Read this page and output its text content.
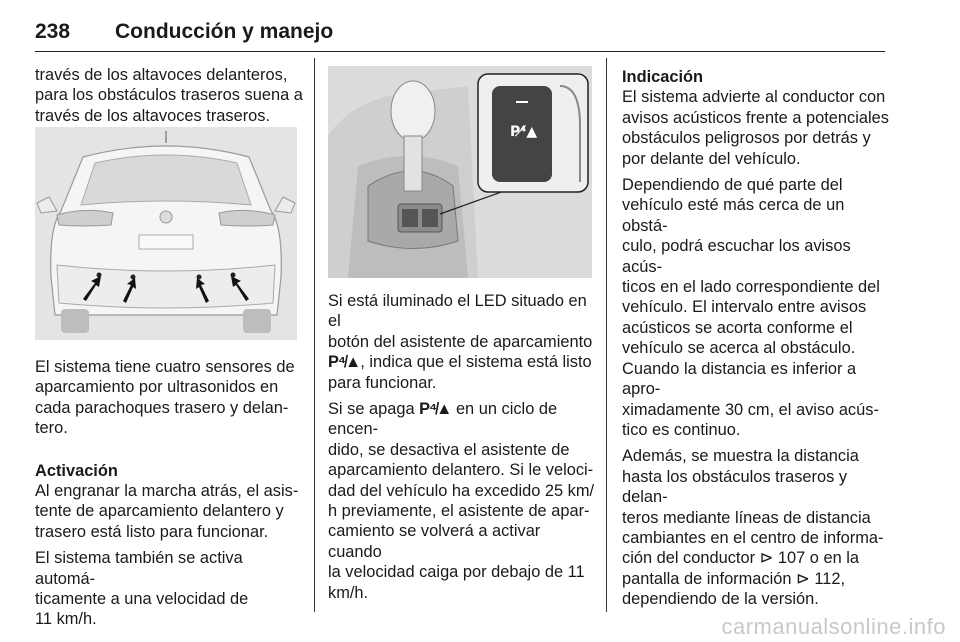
238 Conducción y manejo

través de los altavoces delanteros,

para los obstáculos traseros suena a

través de los altavoces traseros.

El sistema tiene cuatro sensores de

aparcamiento por ultrasonidos en

cada parachoques trasero y delan-

tero.

Activación

Al engranar la marcha atrás, el asis-

tente de aparcamiento delantero y

trasero está listo para funcionar.

El sistema también se activa automá-

ticamente a una velocidad de

11 km/h.

P⁴̸▲

Si está iluminado el LED situado en el

botón del asistente de aparcamiento

P⁴̸▲, indica que el sistema está listo

para funcionar.

Si se apaga P⁴̸▲ en un ciclo de encen-

dido, se desactiva el asistente de

aparcamiento delantero. Si le veloci-

dad del vehículo ha excedido 25 km/

h previamente, el asistente de apar-

camiento se volverá a activar cuando

la velocidad caiga por debajo de 11

km/h.

Indicación

El sistema advierte al conductor con

avisos acústicos frente a potenciales

obstáculos peligrosos por detrás y

por delante del vehículo.

Dependiendo de qué parte del

vehículo esté más cerca de un obstá-

culo, podrá escuchar los avisos acús-

ticos en el lado correspondiente del

vehículo. El intervalo entre avisos

acústicos se acorta conforme el

vehículo se acerca al obstáculo.

Cuando la distancia es inferior a apro-

ximadamente 30 cm, el aviso acús-

tico es continuo.

Además, se muestra la distancia

hasta los obstáculos traseros y delan-

teros mediante líneas de distancia

cambiantes en el centro de informa-

ción del conductor ⊳ 107 o en la

pantalla de información ⊳ 112,

dependiendo de la versión.

carmanualsonline.info
